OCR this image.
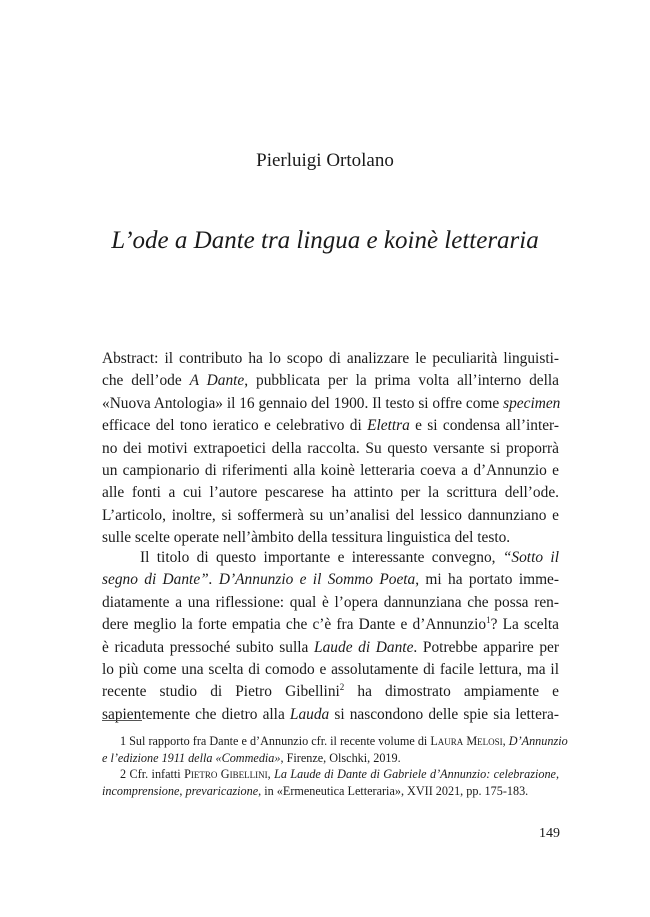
Pierluigi Ortolano
L’ode a Dante tra lingua e koinè letteraria
Abstract: il contributo ha lo scopo di analizzare le peculiarità linguisti-
che dell’ode A Dante, pubblicata per la prima volta all’interno della
«Nuova Antologia» il 16 gennaio del 1900. Il testo si offre come specimen
efficace del tono ieratico e celebrativo di Elettra e si condensa all’inter-
no dei motivi extrapoetici della raccolta. Su questo versante si proporrà
un campionario di riferimenti alla koinè letteraria coeva a d’Annunzio e
alle fonti a cui l’autore pescarese ha attinto per la scrittura dell’ode.
L’articolo, inoltre, si soffermerà su un’analisi del lessico dannunziano e
sulle scelte operate nell’àmbito della tessitura linguistica del testo.
Il titolo di questo importante e interessante convegno, “Sotto il
segno di Dante”. D’Annunzio e il Sommo Poeta, mi ha portato imme-
diatamente a una riflessione: qual è l’opera dannunziana che possa ren-
dere meglio la forte empatia che c’è fra Dante e d’Annunzio$^1$? La scelta
è ricaduta pressoché subito sulla Laude di Dante. Potrebbe apparire per
lo più come una scelta di comodo e assolutamente di facile lettura, ma il
recente studio di Pietro Gibellini$^2$ ha dimostrato ampiamente e
sapientemente che dietro alla Lauda si nascondono delle spie sia lettera-
1 Sul rapporto fra Dante e d’Annunzio cfr. il recente volume di Laura Melosi, D’Annunzio
e l’edizione 1911 della «Commedia», Firenze, Olschki, 2019.
2 Cfr. infatti Pietro Gibellini, La Laude di Dante di Gabriele d’Annunzio: celebrazione,
incomprensione, prevaricazione, in «Ermeneutica Letteraria», XVII 2021, pp. 175-183.
149
